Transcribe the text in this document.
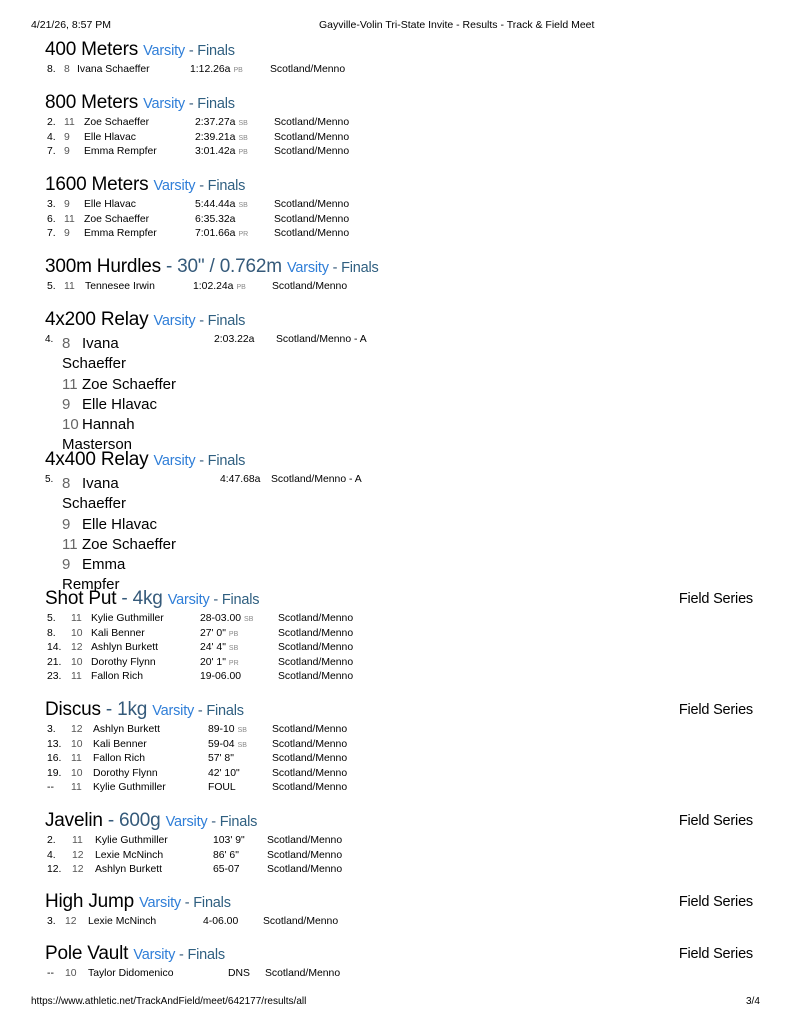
4/21/26, 8:57 PM	Gayville-Volin Tri-State Invite - Results - Track & Field Meet
400 Meters Varsity - Finals
8. 8 Ivana Schaeffer	1:12.26a PB	Scotland/Menno
800 Meters Varsity - Finals
2. 11 Zoe Schaeffer	2:37.27a SB	Scotland/Menno
4. 9 Elle Hlavac	2:39.21a SB	Scotland/Menno
7. 9 Emma Rempfer	3:01.42a PB	Scotland/Menno
1600 Meters Varsity - Finals
3. 9 Elle Hlavac	5:44.44a SB	Scotland/Menno
6. 11 Zoe Schaeffer	6:35.32a	Scotland/Menno
7. 9 Emma Rempfer	7:01.66a PR Scotland/Menno
300m Hurdles - 30" / 0.762m Varsity - Finals
5. 11 Tennesee Irwin	1:02.24a PB	Scotland/Menno
4x200 Relay Varsity - Finals
4.	2:03.22a Scotland/Menno - A
8 Ivana Schaeffer
11 Zoe Schaeffer
9 Elle Hlavac
10 Hannah Masterson
4x400 Relay Varsity - Finals
5.	4:47.68a Scotland/Menno - A
8 Ivana Schaeffer
9 Elle Hlavac
11 Zoe Schaeffer
9 Emma Rempfer
Shot Put - 4kg Varsity - Finals	Field Series
5. 11 Kylie Guthmiller	28-03.00 SB Scotland/Menno
8. 10 Kali Benner	27' 0" PB	Scotland/Menno
14. 12 Ashlyn Burkett	24' 4" SB	Scotland/Menno
21. 10 Dorothy Flynn	20' 1" PR	Scotland/Menno
23. 11 Fallon Rich	19-06.00	Scotland/Menno
Discus - 1kg Varsity - Finals	Field Series
3. 12 Ashlyn Burkett	89-10 SB Scotland/Menno
13. 10 Kali Benner	59-04 SB Scotland/Menno
16. 11 Fallon Rich	57' 8"	Scotland/Menno
19. 10 Dorothy Flynn	42' 10"	Scotland/Menno
-- 11 Kylie Guthmiller	FOUL	Scotland/Menno
Javelin - 600g Varsity - Finals	Field Series
2. 11 Kylie Guthmiller	103' 9" Scotland/Menno
4. 12 Lexie McNinch	86' 6"	Scotland/Menno
12. 12 Ashlyn Burkett	65-07	Scotland/Menno
High Jump Varsity - Finals	Field Series
3. 12 Lexie McNinch	4-06.00 Scotland/Menno
Pole Vault Varsity - Finals	Field Series
-- 10 Taylor Didomenico	DNS Scotland/Menno
https://www.athletic.net/TrackAndField/meet/642177/results/all	3/4
